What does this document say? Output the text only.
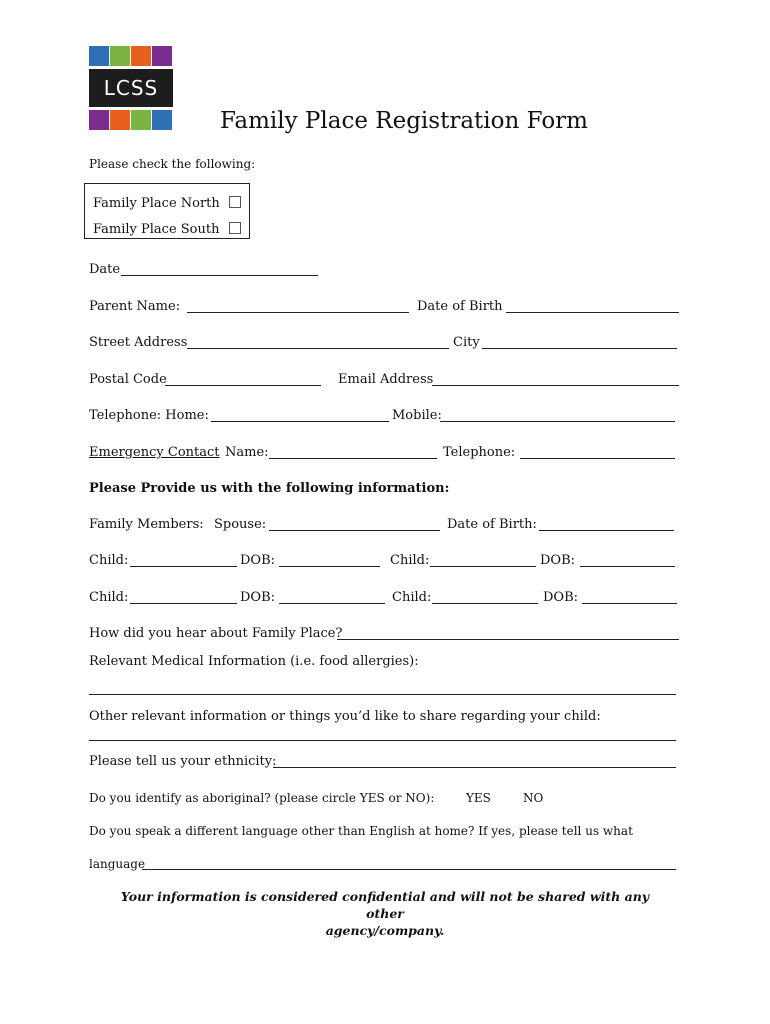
LCSS
Family Place Registration Form
Please check the following:
Family Place North
Family Place South
Date
Parent Name:	Date of Birth
Street Address	City
Postal Code	Email Address
Telephone: Home:	Mobile:
Emergency Contact Name:	Telephone:
Please Provide us with the following information:
Family Members: Spouse:	Date of Birth:
Child:	DOB:	Child:	DOB:
Child:	DOB:	Child:	DOB:
How did you hear about Family Place?
Relevant Medical Information (i.e. food allergies):
Other relevant information or things you’d like to share regarding your child:
Please tell us your ethnicity:
Do you identify as aboriginal? (please circle YES or NO):	YES	NO
Do you speak a different language other than English at home? If yes, please tell us what
language
Your information is considered confidential and will not be shared with any other
agency/company.
